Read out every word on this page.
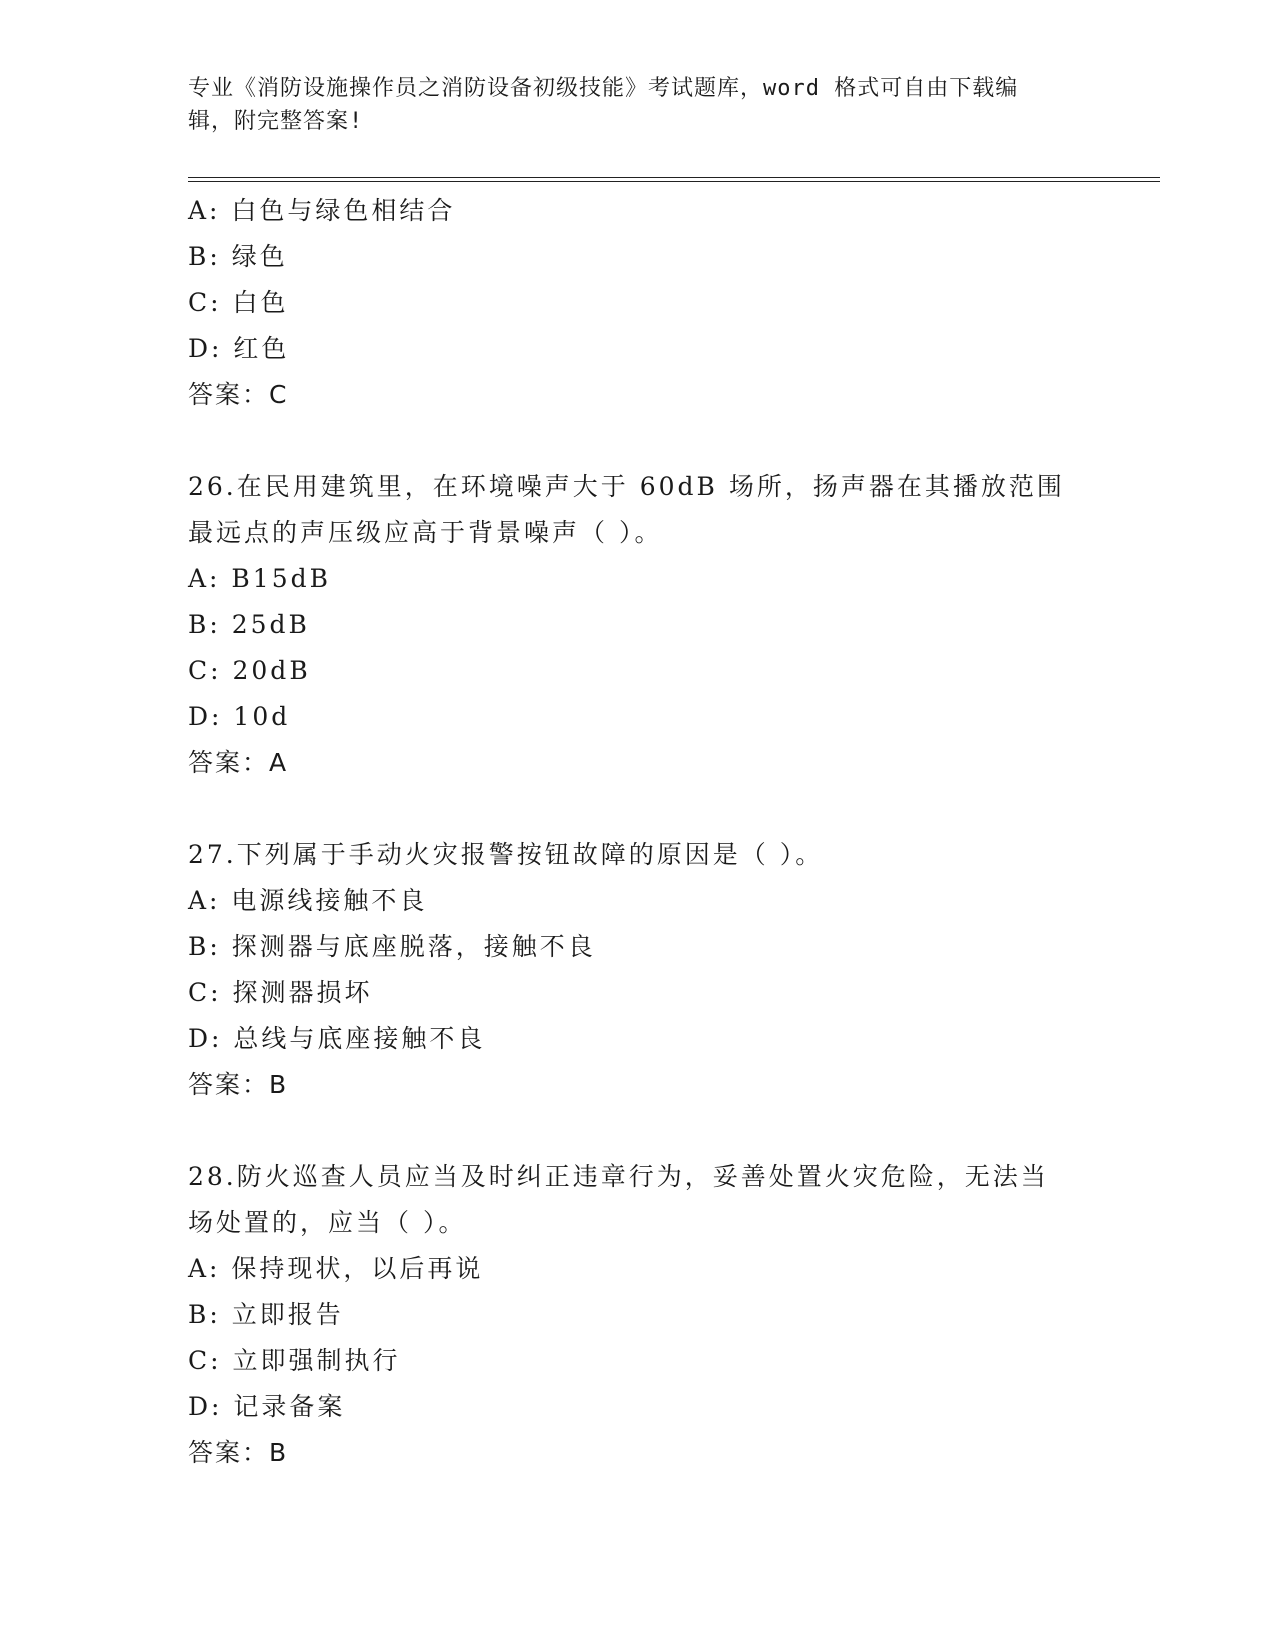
专业《消防设施操作员之消防设备初级技能》考试题库，word 格式可自由下载编
辑，附完整答案!
A: 白色与绿色相结合
B: 绿色
C: 白色
D: 红色
答案：C
26.在民用建筑里，在环境噪声大于 60dB 场所，扬声器在其播放范围
最远点的声压级应高于背景噪声（ ）。
A: B15dB
B: 25dB
C: 20dB
D: 10d
答案：A
27.下列属于手动火灾报警按钮故障的原因是（ ）。
A: 电源线接触不良
B: 探测器与底座脱落，接触不良
C: 探测器损坏
D: 总线与底座接触不良
答案：B
28.防火巡查人员应当及时纠正违章行为，妥善处置火灾危险，无法当
场处置的，应当（ ）。
A: 保持现状，以后再说
B: 立即报告
C: 立即强制执行
D: 记录备案
答案：B
